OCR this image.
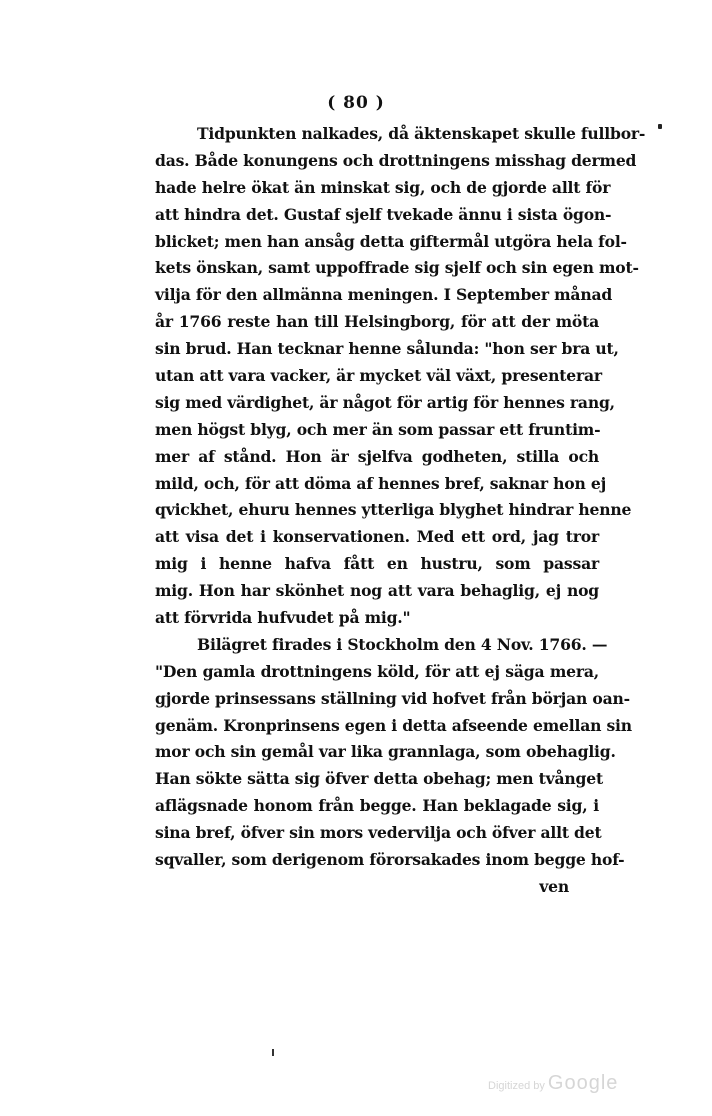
( 80 )
Tidpunkten nalkades, då äktenskapet skulle fullbor-
das. Både konungens och drottningens misshag dermed
hade helre ökat än minskat sig, och de gjorde allt för
att hindra det. Gustaf sjelf tvekade ännu i sista ögon-
blicket; men han ansåg detta giftermål utgöra hela fol-
kets önskan, samt uppoffrade sig sjelf och sin egen mot-
vilja för den allmänna meningen. I September månad
år 1766 reste han till Helsingborg, för att der möta
sin brud. Han tecknar henne sålunda: "hon ser bra ut,
utan att vara vacker, är mycket väl växt, presenterar
sig med värdighet, är något för artig för hennes rang,
men högst blyg, och mer än som passar ett fruntim-
mer af stånd. Hon är sjelfva godheten, stilla och
mild, och, för att döma af hennes bref, saknar hon ej
qvickhet, ehuru hennes ytterliga blyghet hindrar henne
att visa det i konservationen. Med ett ord, jag tror
mig i henne hafva fått en hustru, som passar
mig. Hon har skönhet nog att vara behaglig, ej nog
att förvrida hufvudet på mig."
Bilägret firades i Stockholm den 4 Nov. 1766. —
"Den gamla drottningens köld, för att ej säga mera,
gjorde prinsessans ställning vid hofvet från början oan-
genäm. Kronprinsens egen i detta afseende emellan sin
mor och sin gemål var lika grannlaga, som obehaglig.
Han sökte sätta sig öfver detta obehag; men tvånget
aflägsnade honom från begge. Han beklagade sig, i
sina bref, öfver sin mors vedervilja och öfver allt det
sqvaller, som derigenom förorsakades inom begge hof-
ven
Digitized by Google
